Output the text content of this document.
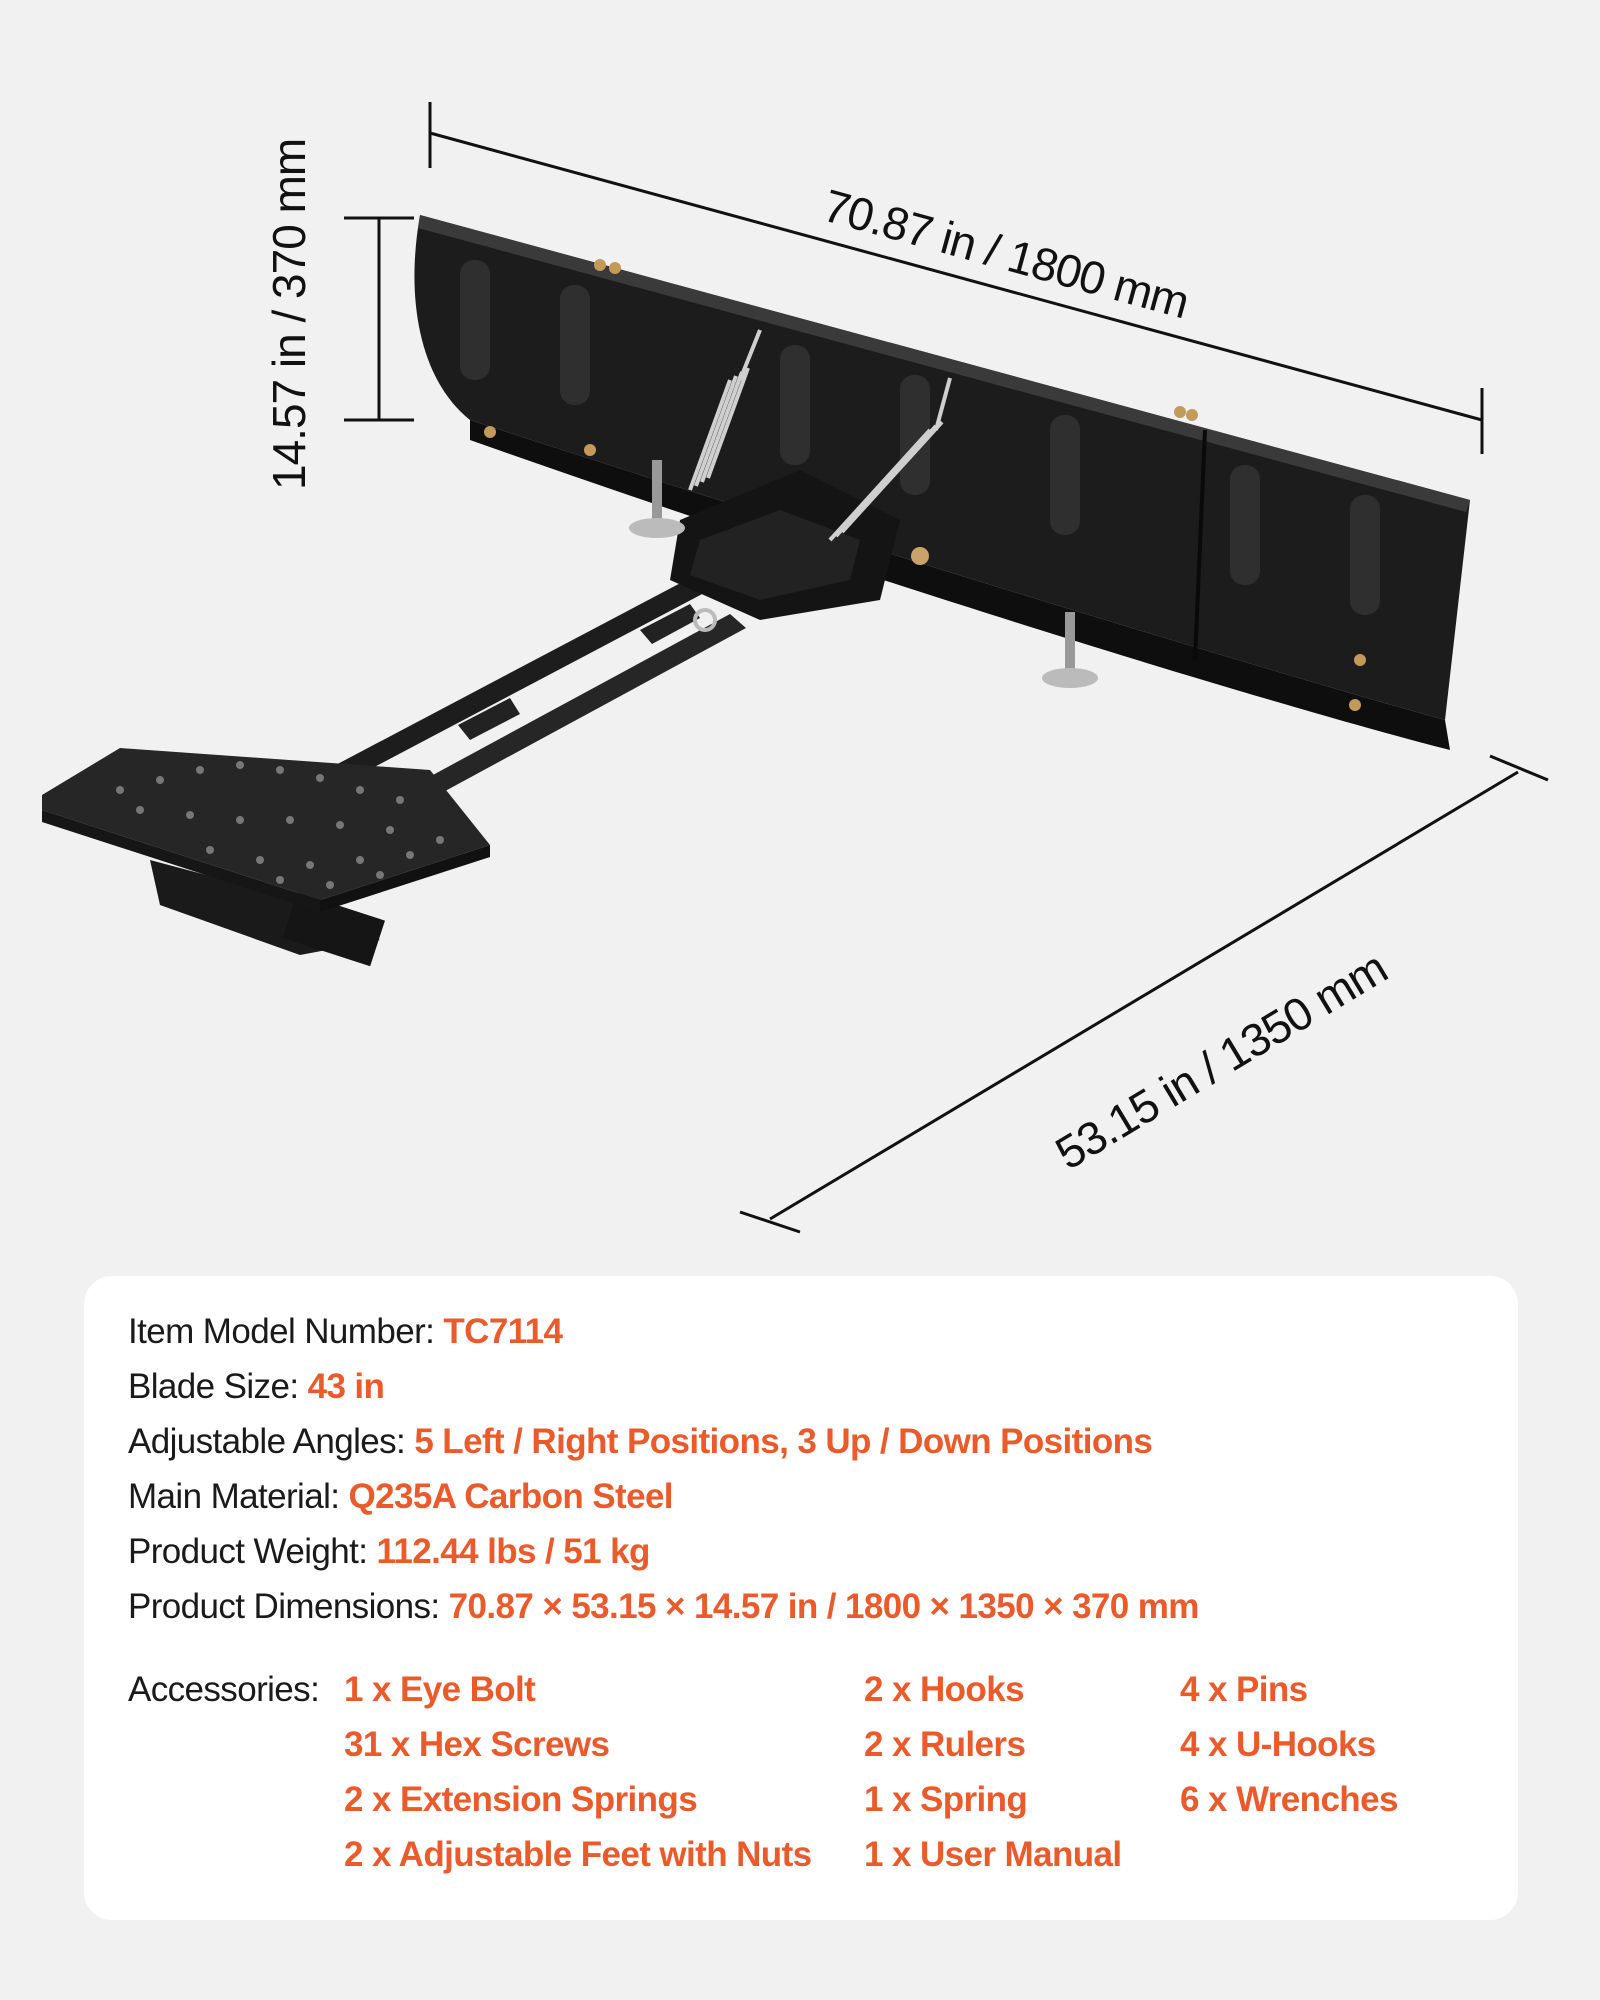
70.87 in / 1800 mm
14.57 in / 370 mm
53.15 in / 1350 mm
Item Model Number: TC7114
Blade Size: 43 in
Adjustable Angles: 5 Left / Right Positions, 3 Up / Down Positions
Main Material: Q235A Carbon Steel
Product Weight: 112.44 lbs / 51 kg
Product Dimensions: 70.87 × 53.15 × 14.57 in / 1800 × 1350 × 370 mm
Accessories: 1 x Eye Bolt
31 x Hex Screws
2 x Extension Springs
2 x Adjustable Feet with Nuts
2 x Hooks
2 x Rulers
1 x Spring
1 x User Manual
4 x Pins
4 x U-Hooks
6 x Wrenches
